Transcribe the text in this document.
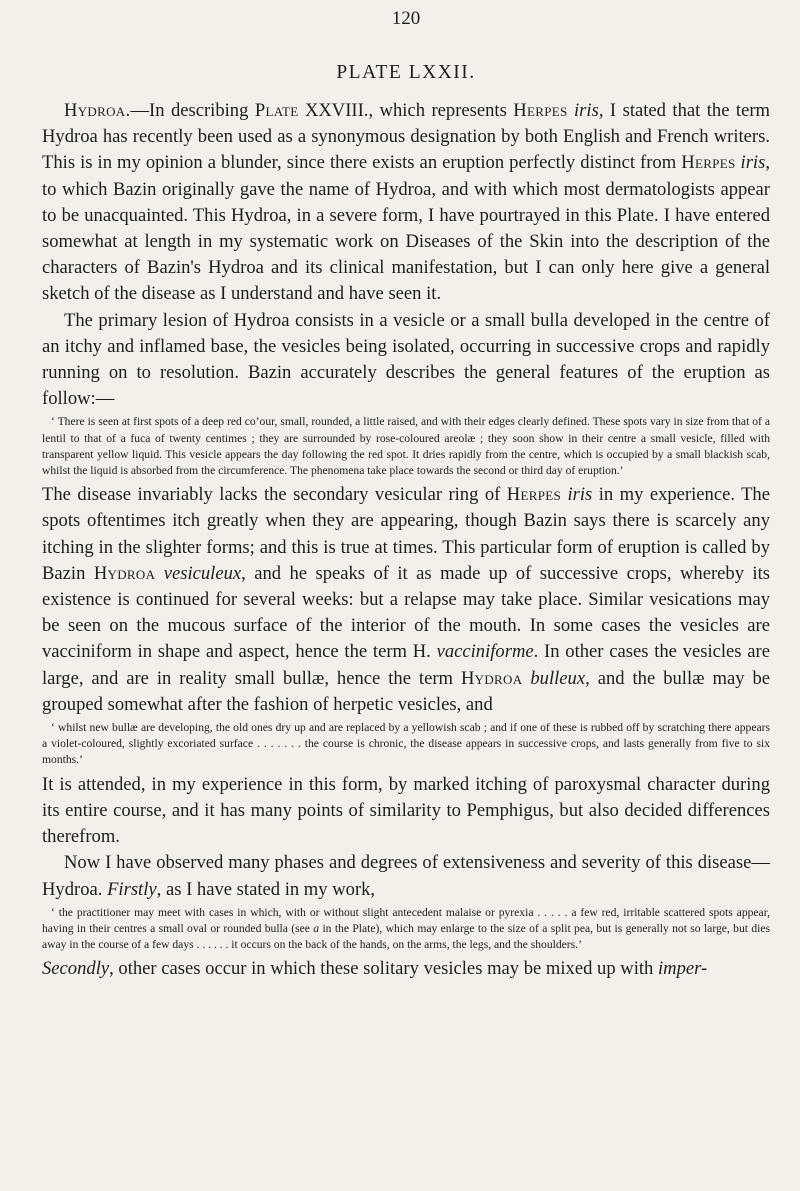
120
PLATE LXXII.

Hydroa.—In describing Plate XXVIII., which represents Herpes iris, I stated that the term Hydroa has recently been used as a synonymous designation by both English and French writers. This is in my opinion a blunder, since there exists an eruption perfectly distinct from Herpes iris, to which Bazin originally gave the name of Hydroa, and with which most dermatologists appear to be unacquainted. This Hydroa, in a severe form, I have pourtrayed in this Plate. I have entered somewhat at length in my systematic work on Diseases of the Skin into the description of the characters of Bazin's Hydroa and its clinical manifestation, but I can only here give a general sketch of the disease as I understand and have seen it.

The primary lesion of Hydroa consists in a vesicle or a small bulla developed in the centre of an itchy and inflamed base, the vesicles being isolated, occurring in successive crops and rapidly running on to resolution. Bazin accurately describes the general features of the eruption as follow:—

‘ There is seen at first spots of a deep red co’our, small, rounded, a little raised, and with their edges clearly defined. These spots vary in size from that of a lentil to that of a fuca of twenty centimes ; they are surrounded by rose-coloured areolæ ; they soon show in their centre a small vesicle, filled with transparent yellow liquid. This vesicle appears the day following the red spot. It dries rapidly from the centre, which is occupied by a small blackish scab, whilst the liquid is absorbed from the circumference. The phenomena take place towards the second or third day of eruption.’

The disease invariably lacks the secondary vesicular ring of Herpes iris in my experience. The spots oftentimes itch greatly when they are appearing, though Bazin says there is scarcely any itching in the slighter forms; and this is true at times. This particular form of eruption is called by Bazin Hydroa vesiculeux, and he speaks of it as made up of successive crops, whereby its existence is continued for several weeks: but a relapse may take place. Similar vesications may be seen on the mucous surface of the interior of the mouth. In some cases the vesicles are vacciniform in shape and aspect, hence the term H. vacciniforme. In other cases the vesicles are large, and are in reality small bullæ, hence the term Hydroa bulleux, and the bullæ may be grouped somewhat after the fashion of herpetic vesicles, and

‘ whilst new bullæ are developing, the old ones dry up and are replaced by a yellowish scab ; and if one of these is rubbed off by scratching there appears a violet-coloured, slightly excoriated surface . . . . . . . the course is chronic, the disease appears in successive crops, and lasts generally from five to six months.’

It is attended, in my experience in this form, by marked itching of paroxysmal character during its entire course, and it has many points of similarity to Pemphigus, but also decided differences therefrom.

Now I have observed many phases and degrees of extensiveness and severity of this disease—Hydroa. Firstly, as I have stated in my work,

‘ the practitioner may meet with cases in which, with or without slight antecedent malaise or pyrexia . . . . . a few red, irritable scattered spots appear, having in their centres a small oval or rounded bulla (see a in the Plate), which may enlarge to the size of a split pea, but is generally not so large, but dies away in the course of a few days . . . . . . it occurs on the back of the hands, on the arms, the legs, and the shoulders.’

Secondly, other cases occur in which these solitary vesicles may be mixed up with imper-
